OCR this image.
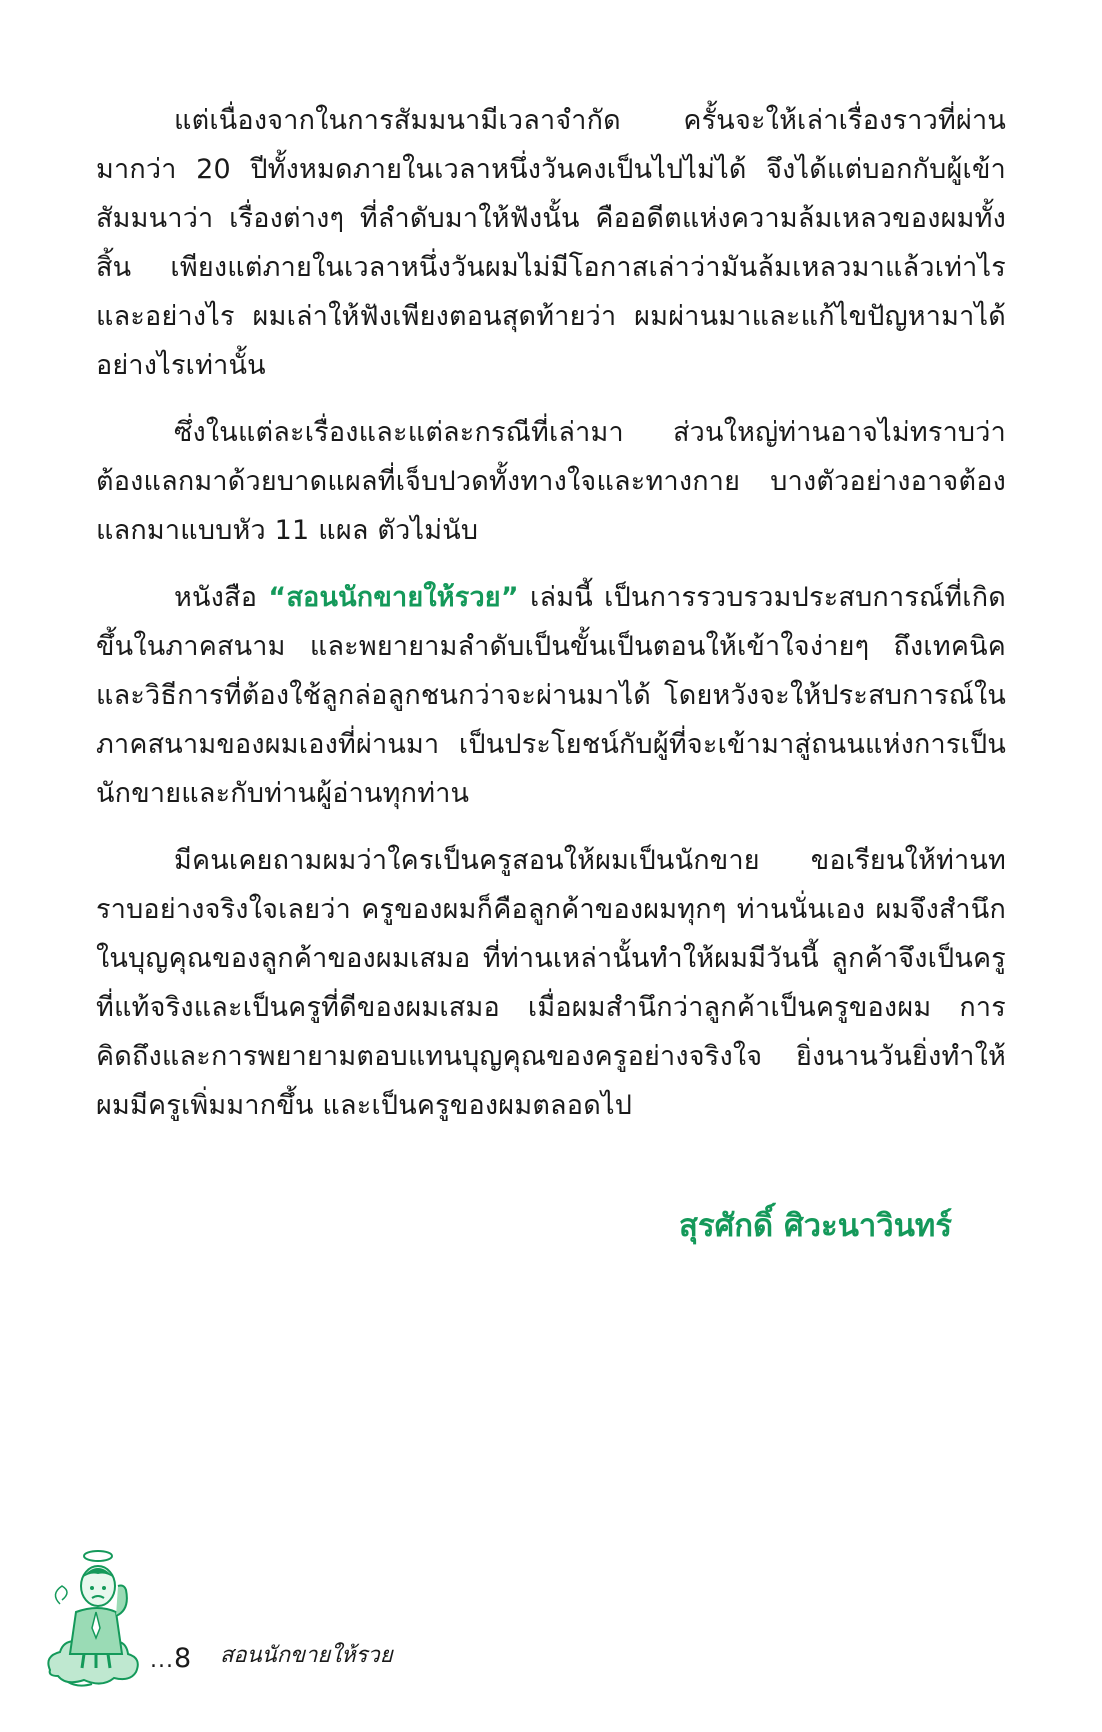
แต่เนื่องจากในการสัมมนามีเวลาจำกัด ครั้นจะให้เล่าเรื่องราวที่ผ่านมากว่า 20 ปีทั้งหมดภายในเวลาหนึ่งวันคงเป็นไปไม่ได้ จึงได้แต่บอกกับผู้เข้าสัมมนาว่า เรื่องต่างๆ ที่ลำดับมาให้ฟังนั้น คืออดีตแห่งความล้มเหลวของผมทั้งสิ้น เพียงแต่ภายในเวลาหนึ่งวันผมไม่มีโอกาสเล่าว่ามันล้มเหลวมาแล้วเท่าไรและอย่างไร ผมเล่าให้ฟังเพียงตอนสุดท้ายว่า ผมผ่านมาและแก้ไขปัญหามาได้อย่างไรเท่านั้น

ซึ่งในแต่ละเรื่องและแต่ละกรณีที่เล่ามา ส่วนใหญ่ท่านอาจไม่ทราบว่าต้องแลกมาด้วยบาดแผลที่เจ็บปวดทั้งทางใจและทางกาย บางตัวอย่างอาจต้องแลกมาแบบหัว 11 แผล ตัวไม่นับ

หนังสือ “สอนนักขายให้รวย” เล่มนี้ เป็นการรวบรวมประสบการณ์ที่เกิดขึ้นในภาคสนาม และพยายามลำดับเป็นขั้นเป็นตอนให้เข้าใจง่ายๆ ถึงเทคนิคและวิธีการที่ต้องใช้ลูกล่อลูกชนกว่าจะผ่านมาได้ โดยหวังจะให้ประสบการณ์ในภาคสนามของผมเองที่ผ่านมา เป็นประโยชน์กับผู้ที่จะเข้ามาสู่ถนนแห่งการเป็นนักขายและกับท่านผู้อ่านทุกท่าน

มีคนเคยถามผมว่าใครเป็นครูสอนให้ผมเป็นนักขาย ขอเรียนให้ท่านทราบอย่างจริงใจเลยว่า ครูของผมก็คือลูกค้าของผมทุกๆ ท่านนั่นเอง ผมจึงสำนึกในบุญคุณของลูกค้าของผมเสมอ ที่ท่านเหล่านั้นทำให้ผมมีวันนี้ ลูกค้าจึงเป็นครูที่แท้จริงและเป็นครูที่ดีของผมเสมอ เมื่อผมสำนึกว่าลูกค้าเป็นครูของผม การคิดถึงและการพยายามตอบแทนบุญคุณของครูอย่างจริงใจ ยิ่งนานวันยิ่งทำให้ผมมีครูเพิ่มมากขึ้น และเป็นครูของผมตลอดไป

สุรศักดิ์ ศิวะนาวินทร์
...8 สอนนักขายให้รวย
